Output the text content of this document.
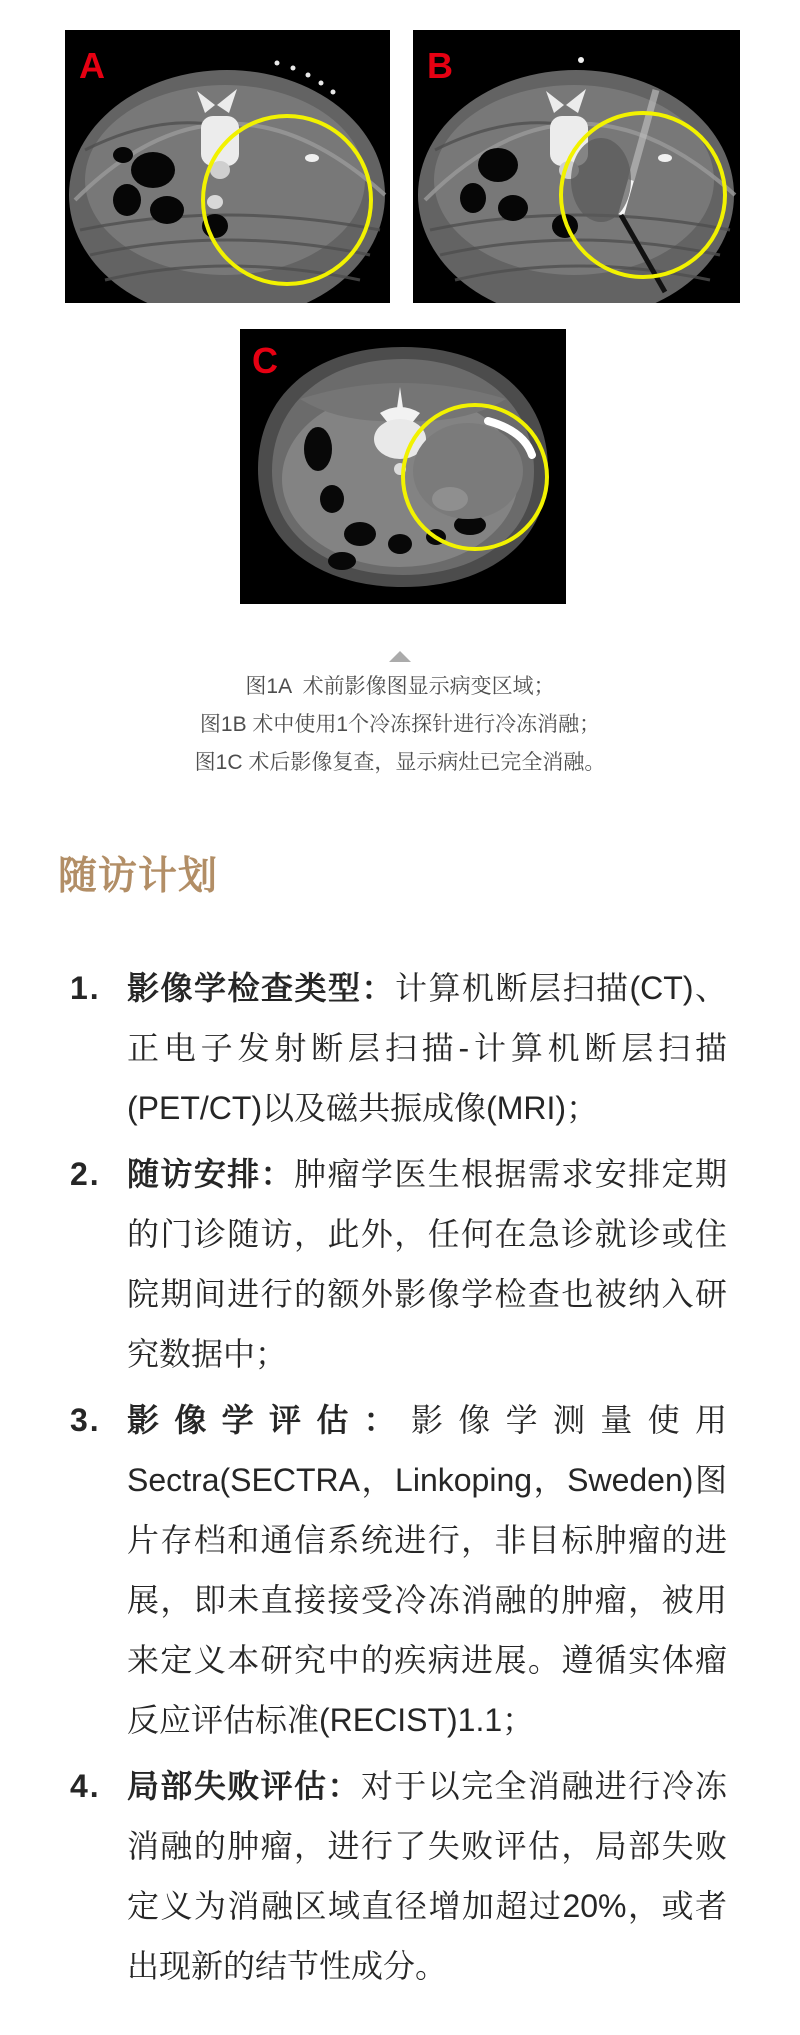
A	B
C
图1A  术前影像图显示病变区域；
图1B 术中使用1个冷冻探针进行冷冻消融；
图1C 术后影像复查，显示病灶已完全消融。
随访计划
1. 影像学检查类型：计算机断层扫描(CT)、正电子发射断层扫描-计算机断层扫描(PET/CT)以及磁共振成像(MRI)；
2. 随访安排：肿瘤学医生根据需求安排定期的门诊随访，此外，任何在急诊就诊或住院期间进行的额外影像学检查也被纳入研究数据中；
3. 影像学评估：影像学测量使用Sectra(SECTRA，Linkoping，Sweden)图片存档和通信系统进行，非目标肿瘤的进展，即未直接接受冷冻消融的肿瘤，被用来定义本研究中的疾病进展。遵循实体瘤反应评估标准(RECIST)1.1；
4. 局部失败评估：对于以完全消融进行冷冻消融的肿瘤，进行了失败评估，局部失败定义为消融区域直径增加超过20%，或者出现新的结节性成分。
